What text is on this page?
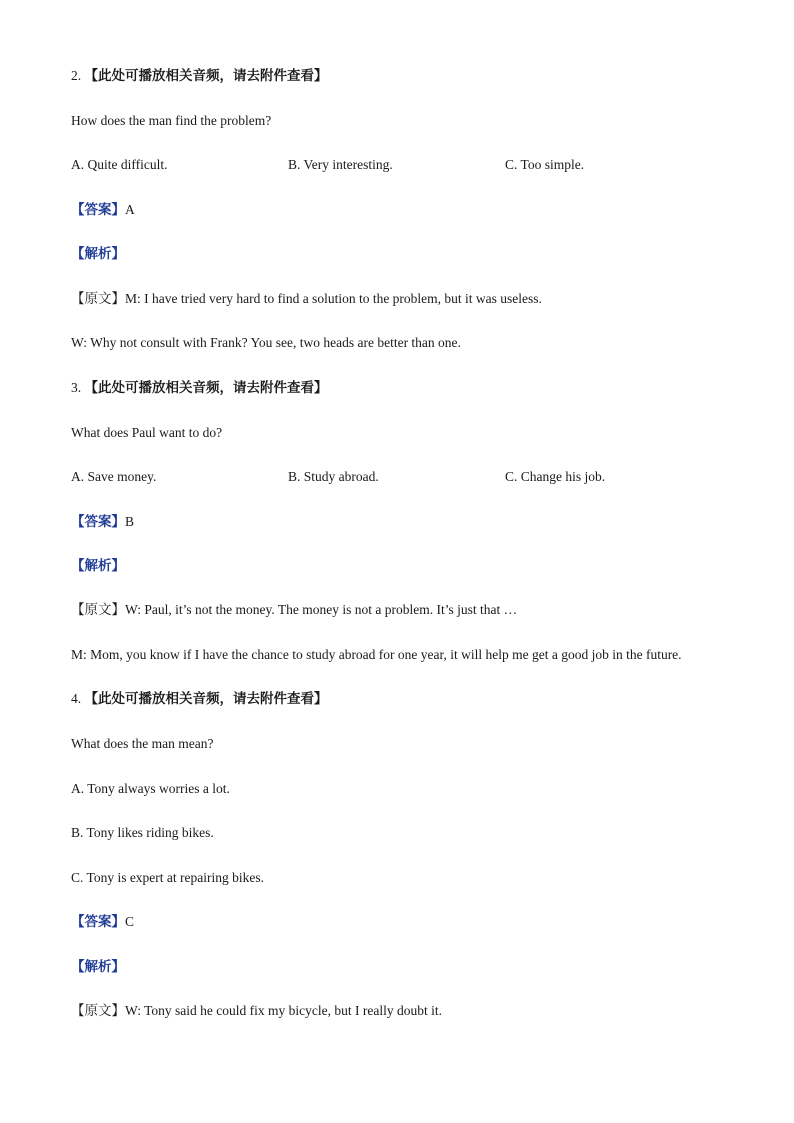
2. 【此处可播放相关音频，请去附件查看】
How does the man find the problem?
A. Quite difficult.	B. Very interesting.	C. Too simple.
【答案】A
【解析】
【原文】M: I have tried very hard to find a solution to the problem, but it was useless.
W: Why not consult with Frank? You see, two heads are better than one.
3. 【此处可播放相关音频，请去附件查看】
What does Paul want to do?
A. Save money.	B. Study abroad.	C. Change his job.
【答案】B
【解析】
【原文】W: Paul, it’s not the money. The money is not a problem. It’s just that …
M: Mom, you know if I have the chance to study abroad for one year, it will help me get a good job in the future.
4. 【此处可播放相关音频，请去附件查看】
What does the man mean?
A. Tony always worries a lot.
B. Tony likes riding bikes.
C. Tony is expert at repairing bikes.
【答案】C
【解析】
【原文】W: Tony said he could fix my bicycle, but I really doubt it.
